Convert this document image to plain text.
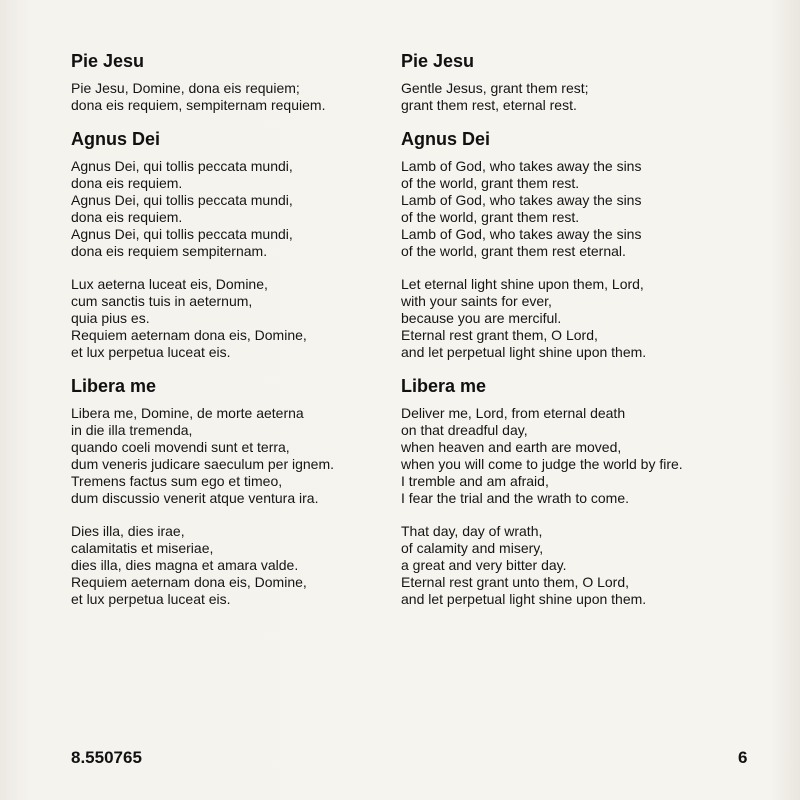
Pie Jesu
Pie Jesu, Domine, dona eis requiem;
dona eis requiem, sempiternam requiem.
Agnus Dei
Agnus Dei, qui tollis peccata mundi,
dona eis requiem.
Agnus Dei, qui tollis peccata mundi,
dona eis requiem.
Agnus Dei, qui tollis peccata mundi,
dona eis requiem sempiternam.
Lux aeterna luceat eis, Domine,
cum sanctis tuis in aeternum,
quia pius es.
Requiem aeternam dona eis, Domine,
et lux perpetua luceat eis.
Libera me
Libera me, Domine, de morte aeterna
in die illa tremenda,
quando coeli movendi sunt et terra,
dum veneris judicare saeculum per ignem.
Tremens factus sum ego et timeo,
dum discussio venerit atque ventura ira.
Dies illa, dies irae,
calamitatis et miseriae,
dies illa, dies magna et amara valde.
Requiem aeternam dona eis, Domine,
et lux perpetua luceat eis.
Pie Jesu
Gentle Jesus, grant them rest;
grant them rest, eternal rest.
Agnus Dei
Lamb of God, who takes away the sins
of the world, grant them rest.
Lamb of God, who takes away the sins
of the world, grant them rest.
Lamb of God, who takes away the sins
of the world, grant them rest eternal.
Let eternal light shine upon them, Lord,
with your saints for ever,
because you are merciful.
Eternal rest grant them, O Lord,
and let perpetual light shine upon them.
Libera me
Deliver me, Lord, from eternal death
on that dreadful day,
when heaven and earth are moved,
when you will come to judge the world by fire.
I tremble and am afraid,
I fear the trial and the wrath to come.
That day, day of wrath,
of calamity and misery,
a great and very bitter day.
Eternal rest grant unto them, O Lord,
and let perpetual light shine upon them.
8.550765	6
